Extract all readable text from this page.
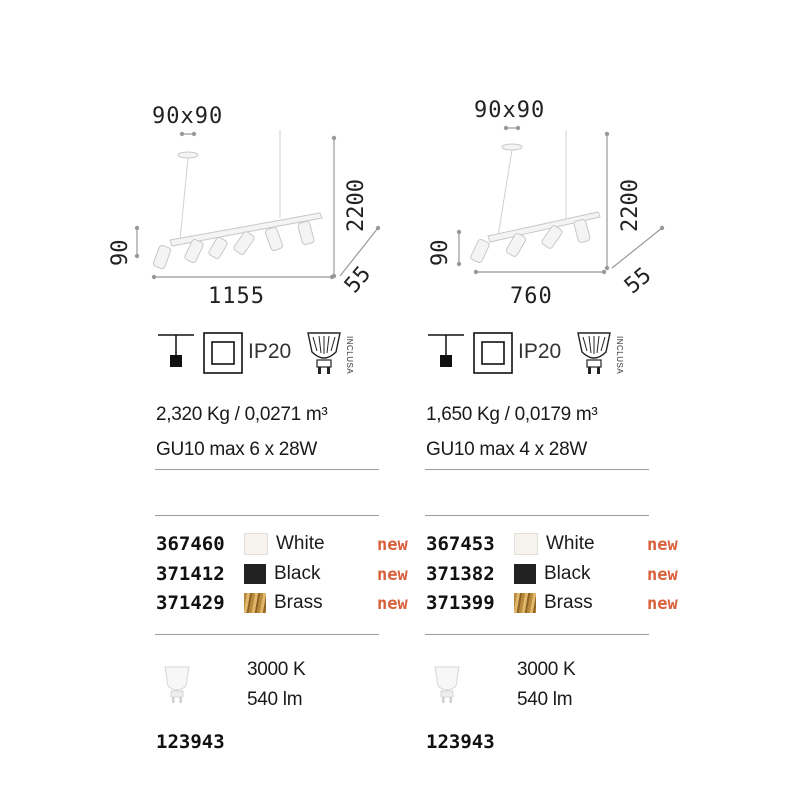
90x90
90
1155
2200
55
IP20	INCLUSA
2,320 Kg / 0,0271 m³
GU10 max 6 x 28W
367460	White	new
371412	Black	new
371429	Brass	new
3000 K
540 lm
123943
90x90
90
760
2200
55
IP20	INCLUSA
1,650 Kg / 0,0179 m³
GU10 max 4 x 28W
367453	White	new
371382	Black	new
371399	Brass	new
3000 K
540 lm
123943
